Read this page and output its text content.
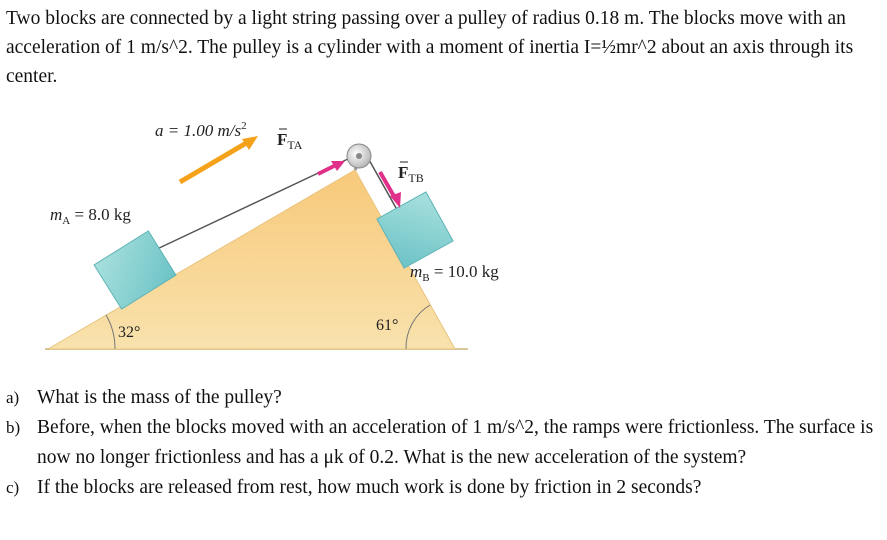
Two blocks are connected by a light string passing over a pulley of radius 0.18 m. The blocks move with an acceleration of 1 m/s^2. The pulley is a cylinder with a moment of inertia I=½mr^2 about an axis through its center.

a = 1.00 $m/s^2$
$F_{TA}$
$F_{TB}$
$m_A = 8.0$ kg
$m_B = 10.0$ kg
32°	61°
a) What is the mass of the pulley?
b) Before, when the blocks moved with an acceleration of 1 m/s^2, the ramps were frictionless. The surface is now no longer frictionless and has a μk of 0.2. What is the new acceleration of the system?
c) If the blocks are released from rest, how much work is done by friction in 2 seconds?
